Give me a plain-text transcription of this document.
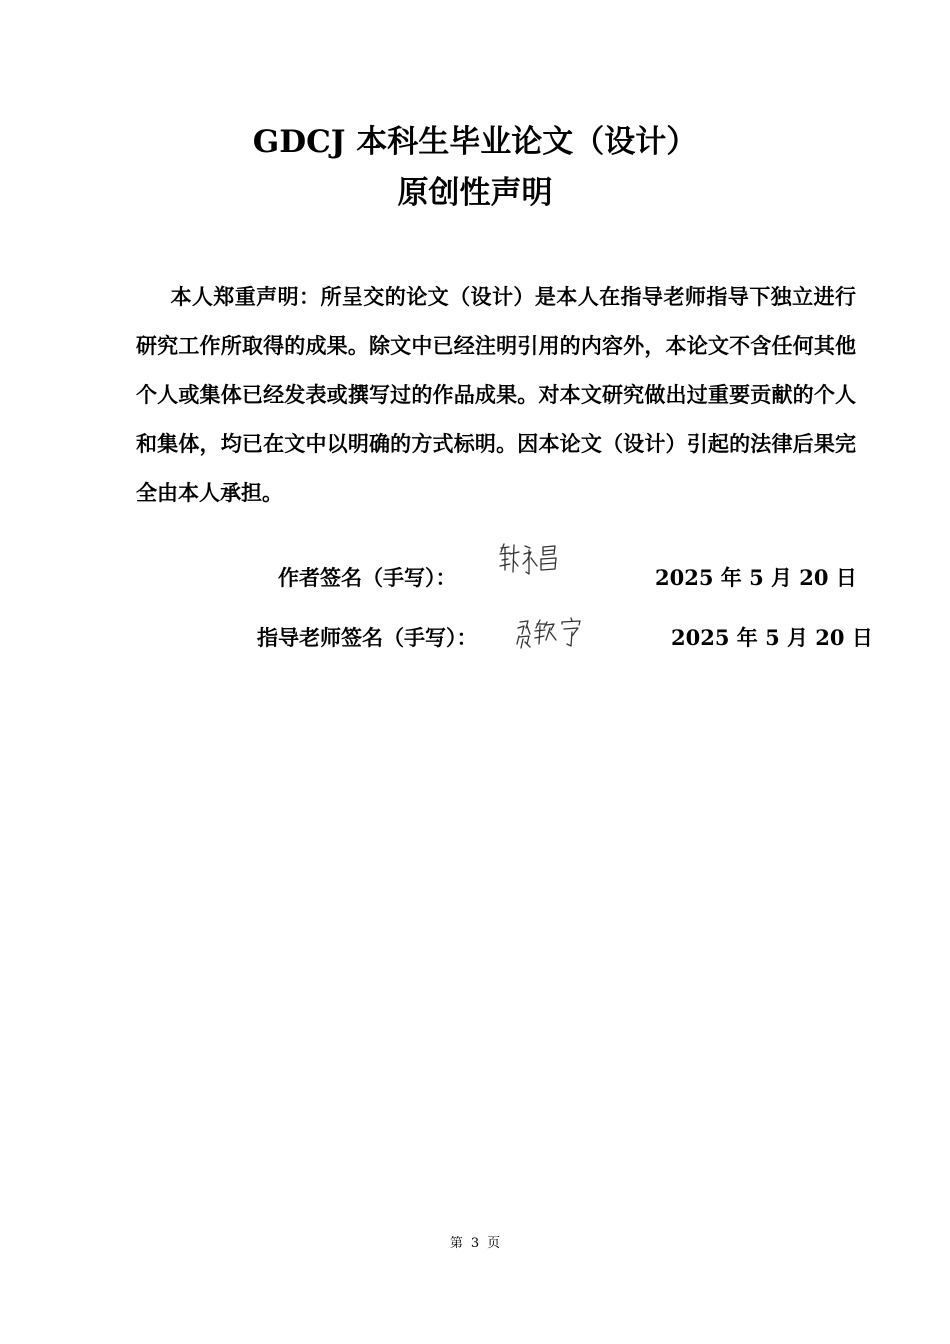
GDCJ 本科生毕业论文（设计）
原创性声明

本人郑重声明：所呈交的论文（设计）是本人在指导老师指导下独立进行研究工作所取得的成果。除文中已经注明引用的内容外，本论文不含任何其他个人或集体已经发表或撰写过的作品成果。对本文研究做出过重要贡献的个人和集体，均已在文中以明确的方式标明。因本论文（设计）引起的法律后果完全由本人承担。

作者签名（手写）：	2025 年 5 月 20 日
指导老师签名（手写）：	2025 年 5 月 20 日
第 3 页
